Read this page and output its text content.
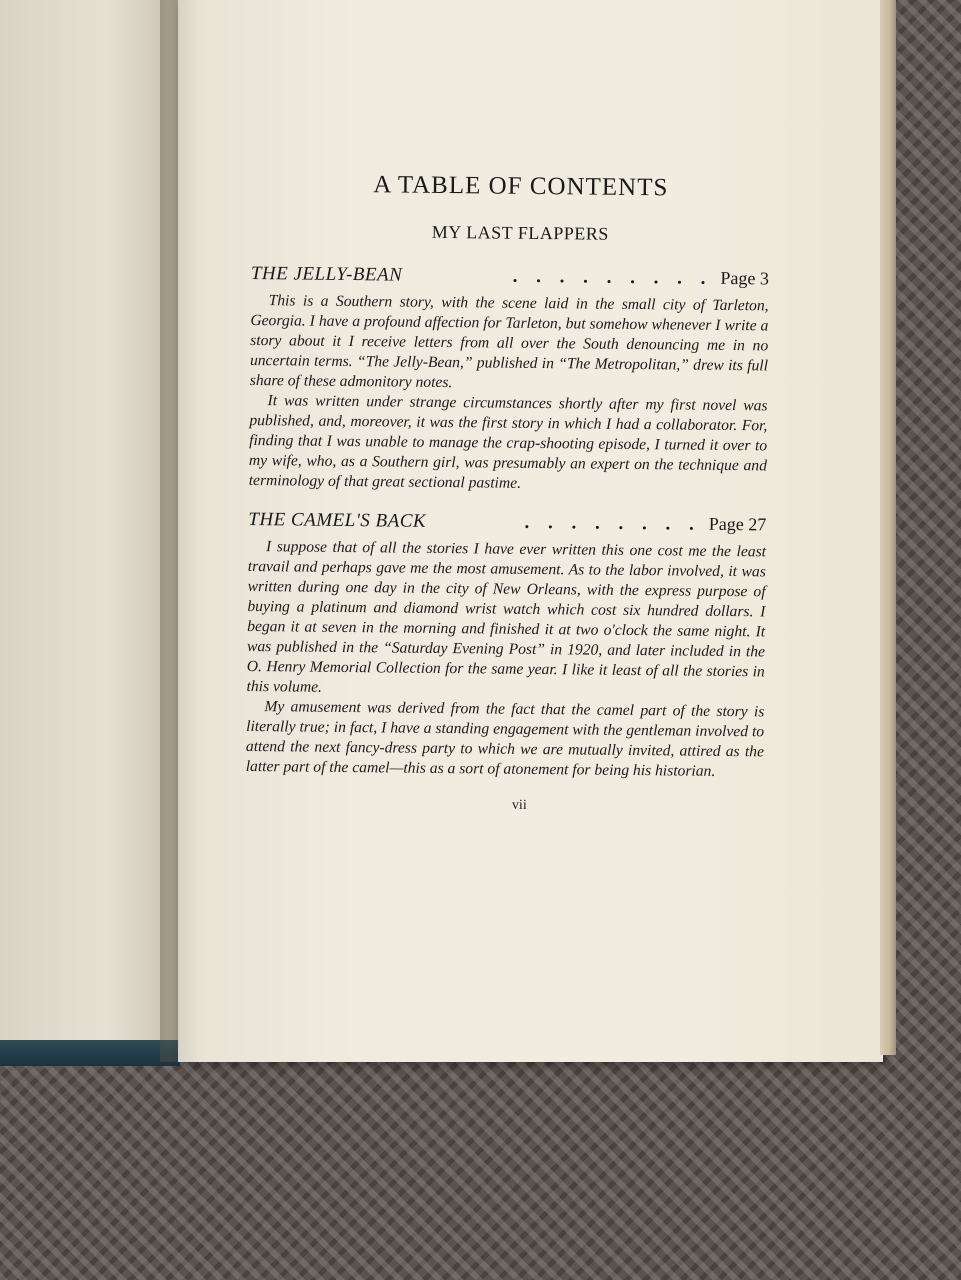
A TABLE OF CONTENTS
MY LAST FLAPPERS
THE JELLY-BEAN	. . . . . . . . . Page 3

This is a Southern story, with the scene laid in the small city of Tarleton, Georgia. I have a profound affection for Tarleton, but somehow whenever I write a story about it I receive letters from all over the South denouncing me in no uncertain terms. “The Jelly-Bean,” published in “The Metropolitan,” drew its full share of these admonitory notes.

It was written under strange circumstances shortly after my first novel was published, and, moreover, it was the first story in which I had a collaborator. For, finding that I was unable to manage the crap-shooting episode, I turned it over to my wife, who, as a Southern girl, was presumably an expert on the technique and terminology of that great sectional pastime.

THE CAMEL'S BACK	. . . . . . . . Page 27

I suppose that of all the stories I have ever written this one cost me the least travail and perhaps gave me the most amusement. As to the labor involved, it was written during one day in the city of New Orleans, with the express purpose of buying a platinum and diamond wrist watch which cost six hundred dollars. I began it at seven in the morning and finished it at two o'clock the same night. It was published in the “Saturday Evening Post” in 1920, and later included in the O. Henry Memorial Collection for the same year. I like it least of all the stories in this volume.

My amusement was derived from the fact that the camel part of the story is literally true; in fact, I have a standing engagement with the gentleman involved to attend the next fancy-dress party to which we are mutually invited, attired as the latter part of the camel—this as a sort of atonement for being his historian.

vii
